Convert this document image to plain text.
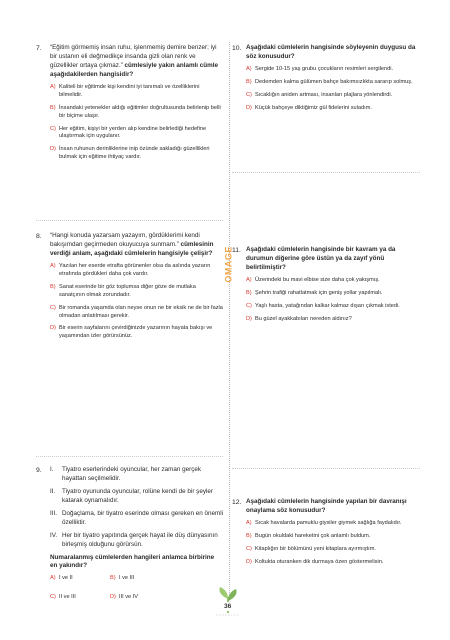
OMAGE
7. “Eğitim görmemiş insan ruhu, işlenmemiş demire benzer; iyi bir ustanın eli değmedikçe insanda gizli olan renk ve güzellikler ortaya çıkmaz.” cümlesiyle yakın anlamlı cümle aşağıdakilerden hangisidir?

A) Kaliteli bir eğitimde kişi kendini iyi tanımalı ve özelliklerini bilmelidir.
B) İnsandaki yetenekler aldığı eğitimler doğrultusunda belirlenip belli bir biçime ulaşır.
C) Her eğitim, kişiyi bir yerden alıp kendine belirlediği hedefine ulaştırmak için uygulanır.
D) İnsan ruhunun derinliklerine inip özünde sakladığı güzellikleri bulmak için eğitime ihtiyaç vardır.
8. “Hangi konuda yazarsam yazayım, gördüklerimi kendi bakışımdan geçirmeden okuyucuya sunmam.” cümlesinin verdiği anlam, aşağıdaki cümlelerin hangisiyle çelişir?

A) Yazılan her eserde etrafta görünenler olsa da aslında yazarın etrafında gördükleri daha çok vardır.
B) Sanat eserinde bir göz toplumsa diğer göze de mutlaka sanatçının olmak zorundadır.
C) Bir romanda yaşamda olan neyse onun ne bir eksik ne de bir fazla olmadan anlatılması gerekir.
D) Bir eserin sayfalarını çevirdiğinizde yazarının hayata bakışı ve yaşamından izler görürsünüz.
9. I.	Tiyatro eserlerindeki oyuncular, her zaman gerçek hayattan seçilmelidir.
II.	Tiyatro oyununda oyuncular, rolüne kendi de bir şeyler katarak oynamalıdır.
III. Doğaçlama, bir tiyatro eserinde olması gereken en önemli özelliktir.
IV. Her bir tiyatro yapıtında gerçek hayat ile düş dünyasının birleşmiş olduğunu görürsün.

Numaralanmış cümlelerden hangileri anlamca birbirine en yakındır?

A) I ve II	B) I ve III
C) II ve III	D) III ve IV
10. Aşağıdaki cümlelerin hangisinde söyleyenin duygusu da söz konusudur?

A) Sergide 10-15 yaş grubu çocukların resimleri sergilendi.
B) Dedemden kalma gülümen bahçe bakımsızlıkta sararıp solmuş.
C) Sıcaklığın aniden artması, insanları plajlara yönlendirdi.
D) Küçük bahçeye diktiğimiz gül fidelerini suladım.
11. Aşağıdaki cümlelerin hangisinde bir kavram ya da durumun diğerine göre üstün ya da zayıf yönü belirtilmiştir?

A) Üzerindeki bu mavi elbise size daha çok yakışmış.
B) Şehrin trafiği rahatlatmak için geniş yollar yapılmalı.
C) Yaşlı hasta, yatağından kalkar kalmaz dışarı çıkmak istedi.
D) Bu güzel ayakkabıları nereden aldınız?
12. Aşağıdaki cümlelerin hangisinde yapılan bir davranışı onaylama söz konusudur?

A) Sıcak havalarda pamuklu giysiler giymek sağlığa faydalıdır.
B) Bugün okuldaki hareketini çok anlamlı buldum.
C) Kitaplığın bir bölümünü yeni kitaplara ayırmıştım.
D) Koltukta oturanken dik durmaya özen göstermelisin.
36
